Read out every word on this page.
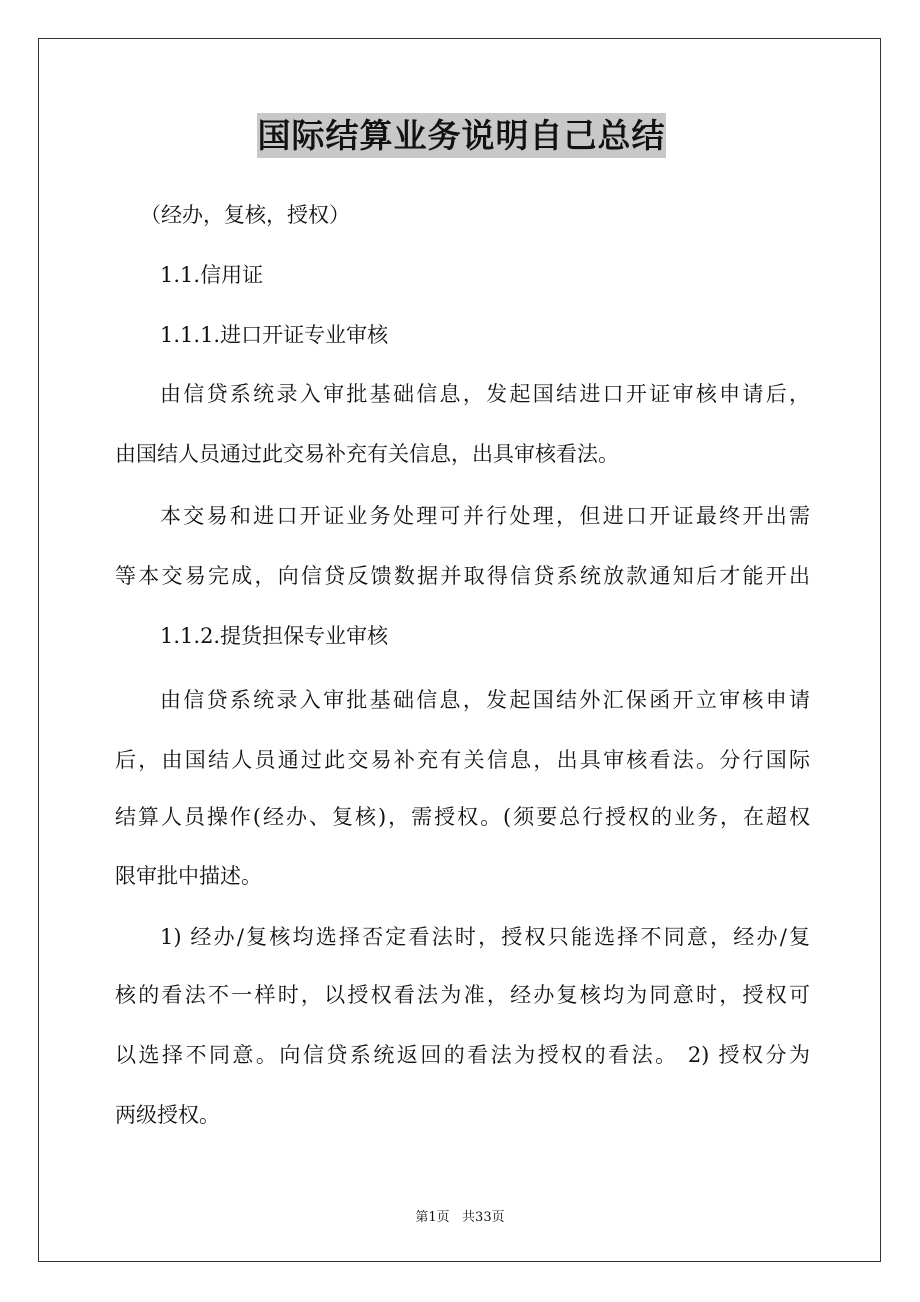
国际结算业务说明自己总结
（经办，复核，授权）
1.1.信用证
1.1.1.进口开证专业审核
由信贷系统录入审批基础信息，发起国结进口开证审核申请后，
由国结人员通过此交易补充有关信息，出具审核看法。
本交易和进口开证业务处理可并行处理，但进口开证最终开出需
等本交易完成，向信贷反馈数据并取得信贷系统放款通知后才能开出
1.1.2.提货担保专业审核
由信贷系统录入审批基础信息，发起国结外汇保函开立审核申请
后，由国结人员通过此交易补充有关信息，出具审核看法。分行国际
结算人员操作(经办、复核)，需授权。(须要总行授权的业务，在超权
限审批中描述。
1) 经办/复核均选择否定看法时，授权只能选择不同意，经办/复
核的看法不一样时，以授权看法为准，经办复核均为同意时，授权可
以选择不同意。向信贷系统返回的看法为授权的看法。 2) 授权分为
两级授权。
第1页   共33页
